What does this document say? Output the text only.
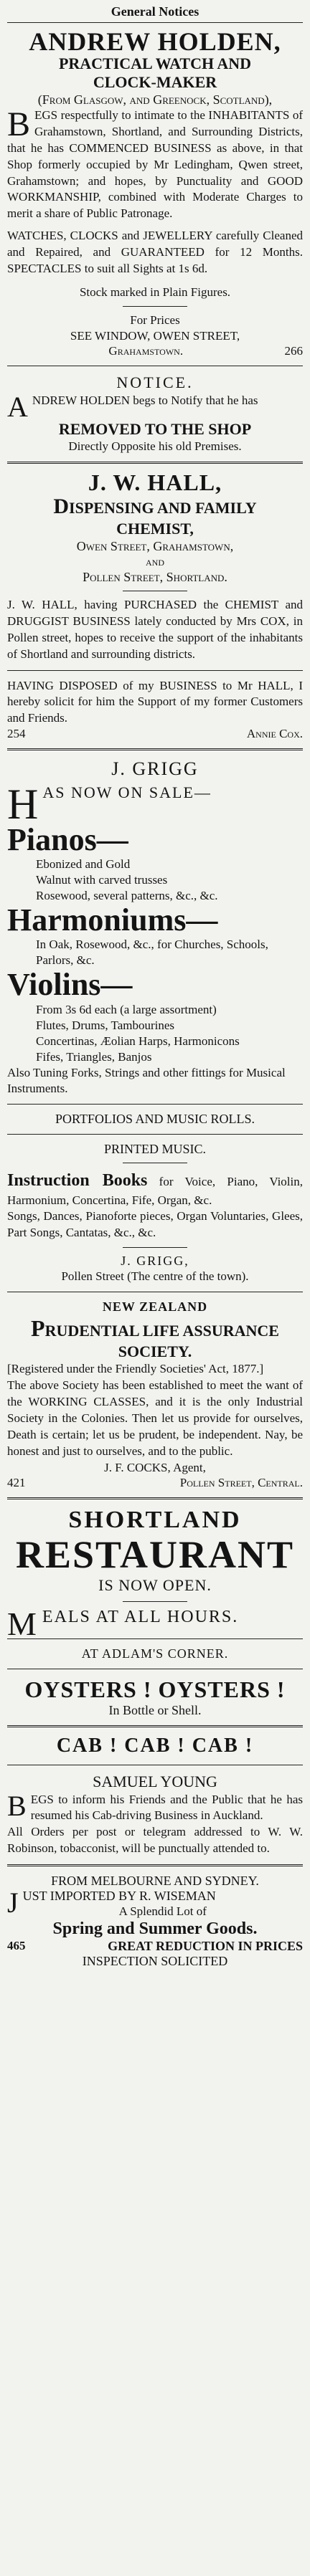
General Notices
ANDREW HOLDEN,
PRACTICAL WATCH AND
CLOCK-MAKER
(From Glasgow, and Greenock, Scotland),
BEGS respectfully to intimate to the INHABITANTS of Grahamstown, Shortland, and Surrounding Districts, that he has COMMENCED BUSINESS as above, in that Shop formerly occupied by Mr Ledingham, Qwen street, Grahamstown; and hopes, by Punctuality and GOOD WORKMANSHIP, combined with Moderate Charges to merit a share of Public Patronage.
WATCHES, CLOCKS and JEWELLERY carefully Cleaned and Repaired, and GUARANTEED for 12 Months. SPECTACLES to suit all Sights at 1s 6d.
Stock marked in Plain Figures.
For Prices
SEE WINDOW, OWEN STREET,
Grahamstown.	266
NOTICE.
ANDREW HOLDEN begs to Notify that he has
REMOVED TO THE SHOP
Directly Opposite his old Premises.
J. W. HALL,
DISPENSING AND FAMILY
CHEMIST,
Owen Street, Grahamstown,
and
Pollen Street, Shortland.
J. W. HALL, having PURCHASED the CHEMIST and DRUGGIST BUSINESS lately conducted by Mrs COX, in Pollen street, hopes to receive the support of the inhabitants of Shortland and surrounding districts.
HAVING DISPOSED of my BUSINESS to Mr HALL, I hereby solicit for him the Support of my former Customers and Friends.
254	Annie Cox.
J. GRIGG
HAS NOW ON SALE—
Pianos—
Ebonized and Gold
Walnut with carved trusses
Rosewood, several patterns, &c., &c.
Harmoniums—
In Oak, Rosewood, &c., for Churches, Schools, Parlors, &c.
Violins—
From 3s 6d each (a large assortment)
Flutes, Drums, Tambourines
Concertinas, Æolian Harps, Harmonicons
Fifes, Triangles, Banjos
Also Tuning Forks, Strings and other fittings for Musical Instruments.
PORTFOLIOS AND MUSIC ROLLS.
PRINTED MUSIC.
Instruction Books for Voice, Piano, Violin, Harmonium, Concertina, Fife, Organ, &c.
Songs, Dances, Pianoforte pieces, Organ Voluntaries, Glees, Part Songs, Cantatas, &c., &c.
J. GRIGG,
Pollen Street (The centre of the town).
NEW ZEALAND
PRUDENTIAL LIFE ASSURANCE SOCIETY.
[Registered under the Friendly Societies' Act, 1877.]
The above Society has been established to meet the want of the WORKING CLASSES, and it is the only Industrial Society in the Colonies. Then let us provide for ourselves, Death is certain; let us be prudent, be independent. Nay, be honest and just to ourselves, and to the public.
J. F. COCKS, Agent,
421	Pollen Street, Central.
SHORTLAND
RESTAURANT
IS NOW OPEN.
MEALS AT ALL HOURS.
AT ADLAM'S CORNER.
OYSTERS ! OYSTERS !
In Bottle or Shell.
CAB ! CAB ! CAB !
SAMUEL YOUNG
BEGS to inform his Friends and the Public that he has resumed his Cab-driving Business in Auckland.
All Orders per post or telegram addressed to W. W. Robinson, tobacconist, will be punctually attended to.
FROM MELBOURNE AND SYDNEY.
JUST IMPORTED BY R. WISEMAN
A Splendid Lot of
Spring and Summer Goods.
465	GREAT REDUCTION IN PRICES
INSPECTION SOLICITED
